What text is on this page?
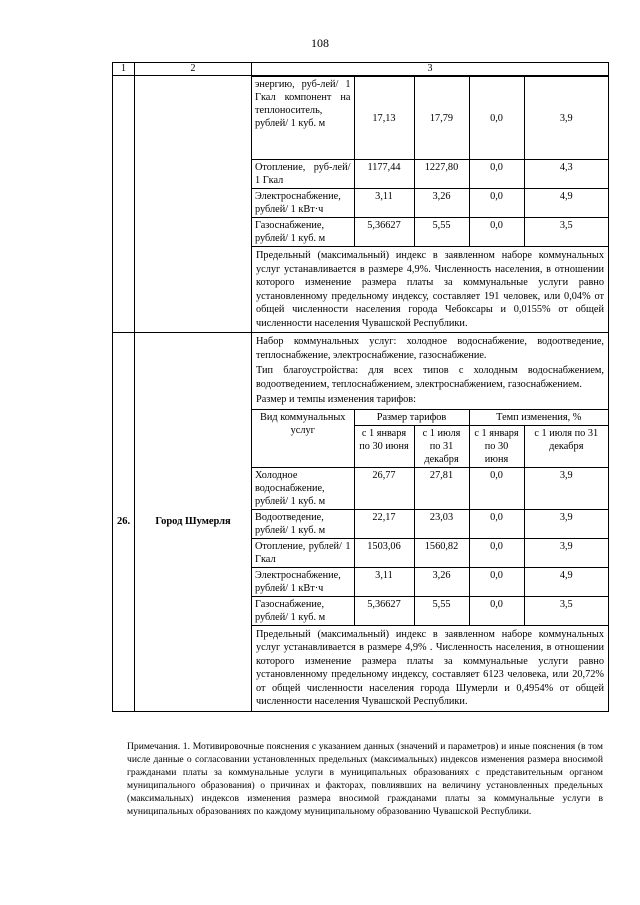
108
1	2	3

энергию, руб-лей/ 1 Гкал компонент на теплоноситель, рублей/ 1 куб. м	17,13	17,79	0,0	3,9
Отопление, руб-лей/ 1 Гкал	1177,44	1227,80	0,0	4,3
Электроснабжение, рублей/ 1 кВт·ч	3,11	3,26	0,0	4,9
Газоснабжение, рублей/ 1 куб. м	5,36627	5,55	0,0	3,5
Предельный (максимальный) индекс в заявленном наборе коммунальных услуг устанавливается в размере 4,9%. Численность населения, в отношении которого изменение размера платы за коммунальные услуги равно установленному предельному индексу, составляет 191 человек, или 0,04% от общей численности населения города Чебоксары и 0,0155% от общей численности населения Чувашской Республики.

26.	Город Шумерля	
Набор коммунальных услуг: холодное водоснабжение, водоотведение, теплоснабжение, электроснабжение, газоснабжение.
Тип благоустройства: для всех типов с холодным водоснабжением, водоотведением, теплоснабжением, электроснабжением, газоснабжением.
Размер и темпы изменения тарифов:
Вид коммунальных услуг	Размер тарифов	Темп изменения, %
с 1 января по 30 июня	с 1 июля по 31 декабря	с 1 января по 30 июня	с 1 июля по 31 декабря
Холодное водоснабжение, рублей/ 1 куб. м	26,77	27,81	0,0	3,9
Водоотведение, рублей/ 1 куб. м	22,17	23,03	0,0	3,9
Отопление, рублей/ 1 Гкал	1503,06	1560,82	0,0	3,9
Электроснабжение, рублей/ 1 кВт·ч	3,11	3,26	0,0	4,9
Газоснабжение, рублей/ 1 куб. м	5,36627	5,55	0,0	3,5
Предельный (максимальный) индекс в заявленном наборе коммунальных услуг устанавливается в размере 4,9% . Численность населения, в отношении которого изменение размера платы за коммунальные услуги равно установленному предельному индексу, составляет 6123 человека, или 20,72% от общей численности населения города Шумерли и 0,4954% от общей численности населения Чувашской Республики.
Примечания. 1. Мотивировочные пояснения с указанием данных (значений и параметров) и иные пояснения (в том числе данные о согласовании установленных предельных (максимальных) индексов изменения размера вносимой гражданами платы за коммунальные услуги в муниципальных образованиях с представительным органом муниципального образования) о причинах и факторах, повлиявших на величину установленных предельных (максимальных) индексов изменения размера вносимой гражданами платы за коммунальные услуги в муниципальных образованиях по каждому муниципальному образованию Чувашской Республики.
